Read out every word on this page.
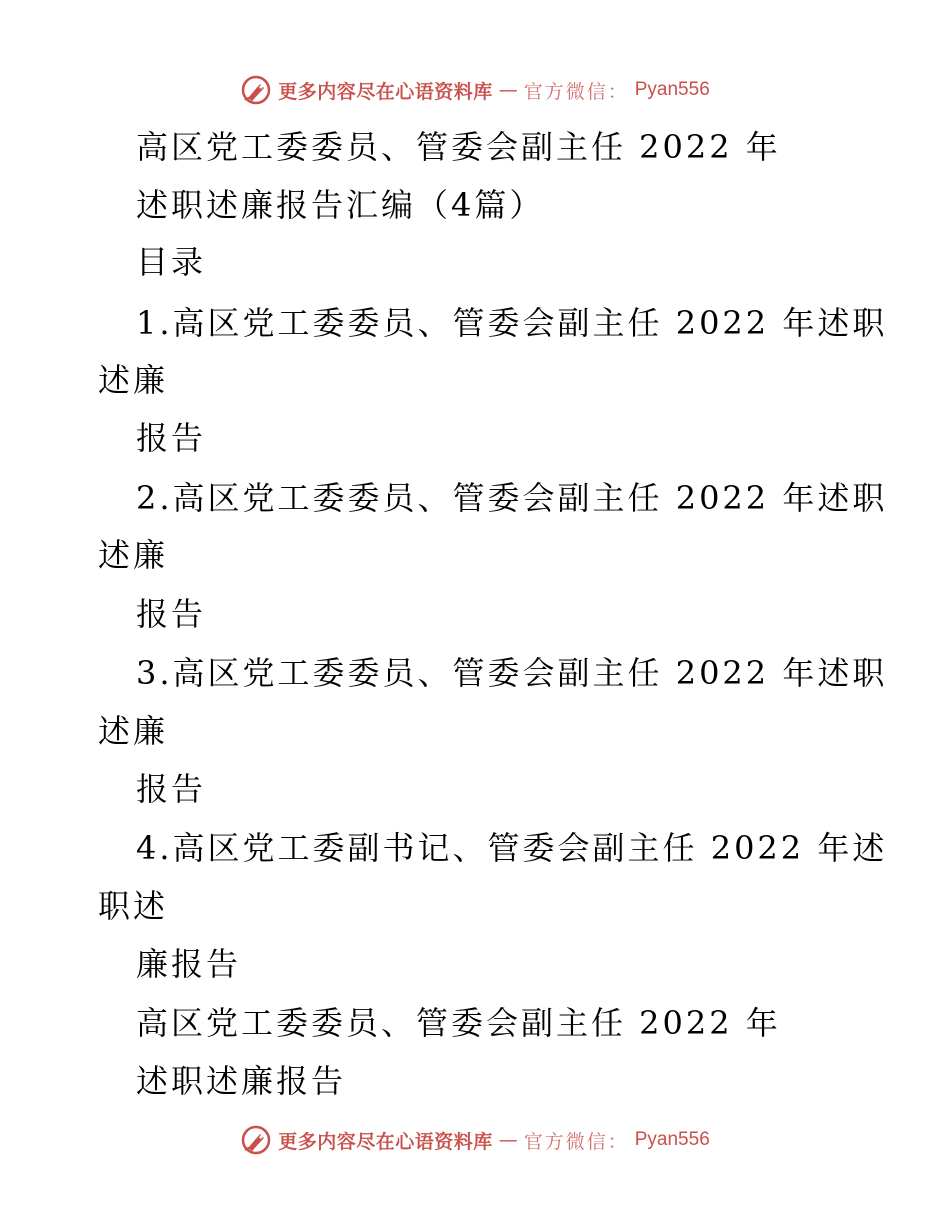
更多内容尽在心语资料库 — 官方微信： Pyan556
高区党工委委员、管委会副主任 2022 年
述职述廉报告汇编（4篇）
目录
1.高区党工委委员、管委会副主任 2022 年述职
述廉
报告
2.高区党工委委员、管委会副主任 2022 年述职
述廉
报告
3.高区党工委委员、管委会副主任 2022 年述职
述廉
报告
4.高区党工委副书记、管委会副主任 2022 年述
职述
廉报告
高区党工委委员、管委会副主任 2022 年
述职述廉报告
更多内容尽在心语资料库 — 官方微信： Pyan556
